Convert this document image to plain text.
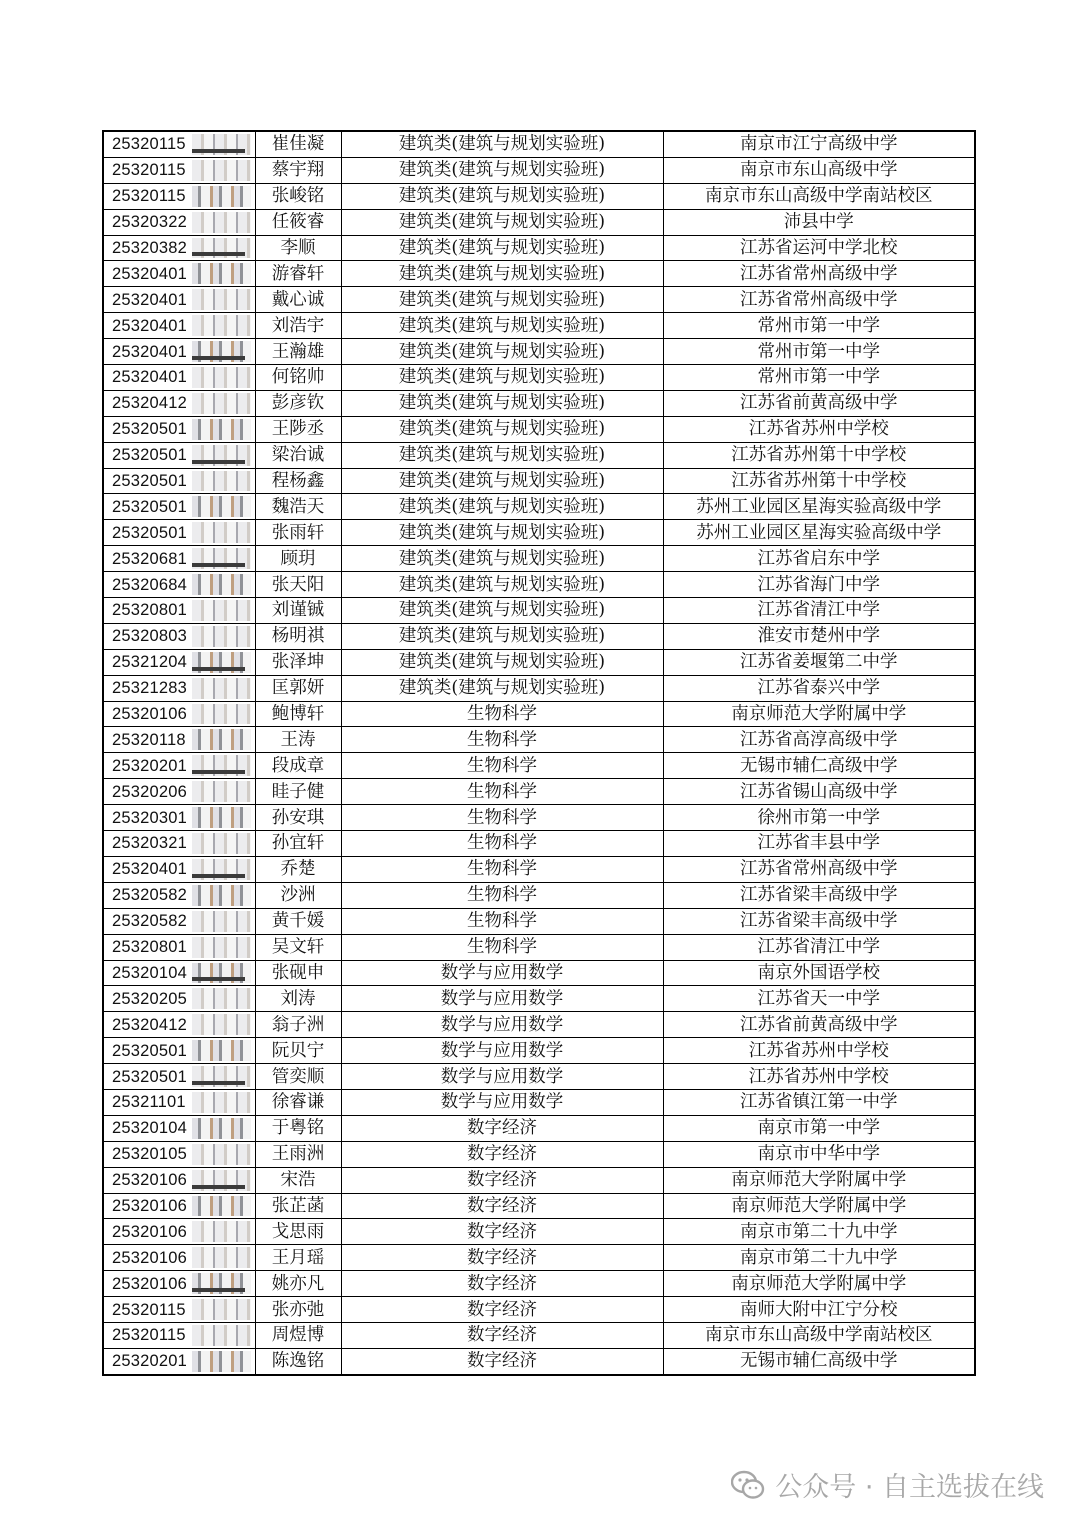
25320115	崔佳凝	建筑类(建筑与规划实验班)	南京市江宁高级中学
25320115	蔡宇翔	建筑类(建筑与规划实验班)	南京市东山高级中学
25320115	张峻铭	建筑类(建筑与规划实验班)	南京市东山高级中学南站校区
25320322	任筱睿	建筑类(建筑与规划实验班)	沛县中学
25320382	李顺	建筑类(建筑与规划实验班)	江苏省运河中学北校
25320401	游睿轩	建筑类(建筑与规划实验班)	江苏省常州高级中学
25320401	戴心诚	建筑类(建筑与规划实验班)	江苏省常州高级中学
25320401	刘浩宇	建筑类(建筑与规划实验班)	常州市第一中学
25320401	王瀚雄	建筑类(建筑与规划实验班)	常州市第一中学
25320401	何铭帅	建筑类(建筑与规划实验班)	常州市第一中学
25320412	彭彦钦	建筑类(建筑与规划实验班)	江苏省前黄高级中学
25320501	王陟丞	建筑类(建筑与规划实验班)	江苏省苏州中学校
25320501	梁治诚	建筑类(建筑与规划实验班)	江苏省苏州第十中学校
25320501	程杨鑫	建筑类(建筑与规划实验班)	江苏省苏州第十中学校
25320501	魏浩天	建筑类(建筑与规划实验班)	苏州工业园区星海实验高级中学
25320501	张雨轩	建筑类(建筑与规划实验班)	苏州工业园区星海实验高级中学
25320681	顾玥	建筑类(建筑与规划实验班)	江苏省启东中学
25320684	张天阳	建筑类(建筑与规划实验班)	江苏省海门中学
25320801	刘谨铖	建筑类(建筑与规划实验班)	江苏省清江中学
25320803	杨明祺	建筑类(建筑与规划实验班)	淮安市楚州中学
25321204	张泽坤	建筑类(建筑与规划实验班)	江苏省姜堰第二中学
25321283	匡郭妍	建筑类(建筑与规划实验班)	江苏省泰兴中学
25320106	鲍博轩	生物科学	南京师范大学附属中学
25320118	王涛	生物科学	江苏省高淳高级中学
25320201	段成章	生物科学	无锡市辅仁高级中学
25320206	眭子健	生物科学	江苏省锡山高级中学
25320301	孙安琪	生物科学	徐州市第一中学
25320321	孙宜轩	生物科学	江苏省丰县中学
25320401	乔楚	生物科学	江苏省常州高级中学
25320582	沙洲	生物科学	江苏省梁丰高级中学
25320582	黄千媛	生物科学	江苏省梁丰高级中学
25320801	吴文轩	生物科学	江苏省清江中学
25320104	张砚申	数学与应用数学	南京外国语学校
25320205	刘涛	数学与应用数学	江苏省天一中学
25320412	翁子洲	数学与应用数学	江苏省前黄高级中学
25320501	阮贝宁	数学与应用数学	江苏省苏州中学校
25320501	管奕顺	数学与应用数学	江苏省苏州中学校
25321101	徐睿谦	数学与应用数学	江苏省镇江第一中学
25320104	于粤铭	数字经济	南京市第一中学
25320105	王雨洲	数字经济	南京市中华中学
25320106	宋浩	数字经济	南京师范大学附属中学
25320106	张芷菡	数字经济	南京师范大学附属中学
25320106	戈思雨	数字经济	南京市第二十九中学
25320106	王月瑶	数字经济	南京市第二十九中学
25320106	姚亦凡	数字经济	南京师范大学附属中学
25320115	张亦弛	数字经济	南师大附中江宁分校
25320115	周煜博	数字经济	南京市东山高级中学南站校区
25320201	陈逸铭	数字经济	无锡市辅仁高级中学
公众号 · 自主选拔在线
